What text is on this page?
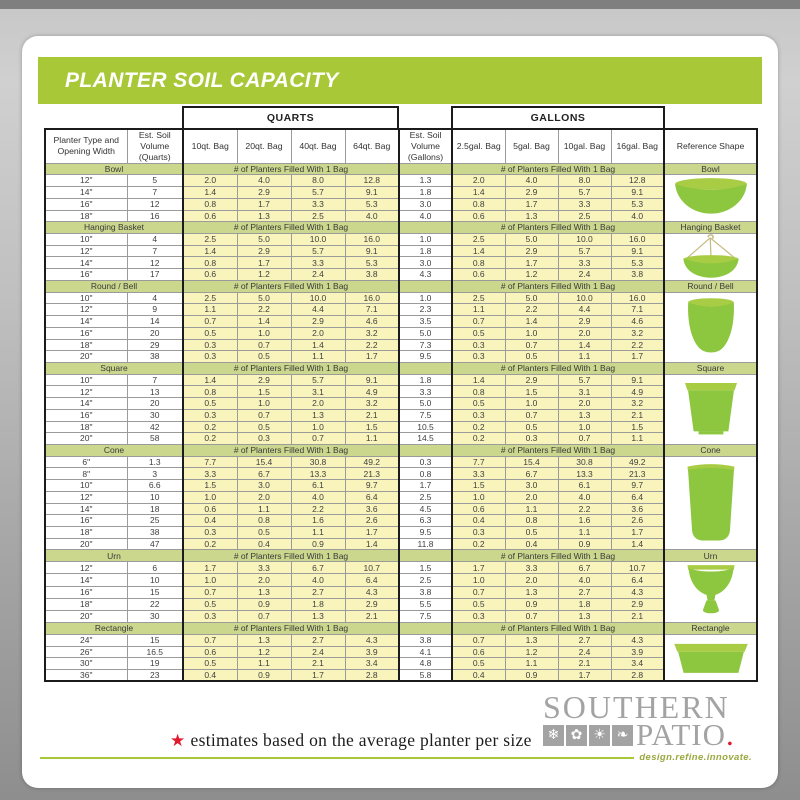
PLANTER SOIL CAPACITY
QUARTS	GALLONS
Planter Type and Opening Width	Est. Soil Volume (Quarts)	10qt. Bag	20qt. Bag	40qt. Bag	64qt. Bag	Est. Soil Volume (Gallons)	2.5gal. Bag	5gal. Bag	10gal. Bag	16gal. Bag	Reference Shape
Bowl		# of Planters Filled With 1 Bag					# of Planters Filled With 1 Bag				Bowl
12"	5	2.0	4.0	8.0	12.8	1.3	2.0	4.0	8.0	12.8	

14"	7	1.4	2.9	5.7	9.1	1.8	1.4	2.9	5.7	9.1	
16"	12	0.8	1.7	3.3	5.3	3.0	0.8	1.7	3.3	5.3	
18"	16	0.6	1.3	2.5	4.0	4.0	0.6	1.3	2.5	4.0	
Hanging Basket		# of Planters Filled With 1 Bag					# of Planters Filled With 1 Bag				Hanging Basket
10"	4	2.5	5.0	10.0	16.0	1.0	2.5	5.0	10.0	16.0	

12"	7	1.4	2.9	5.7	9.1	1.8	1.4	2.9	5.7	9.1	
14"	12	0.8	1.7	3.3	5.3	3.0	0.8	1.7	3.3	5.3	
16"	17	0.6	1.2	2.4	3.8	4.3	0.6	1.2	2.4	3.8	
Round / Bell		# of Planters Filled With 1 Bag					# of Planters Filled With 1 Bag				Round / Bell
10"	4	2.5	5.0	10.0	16.0	1.0	2.5	5.0	10.0	16.0	

12"	9	1.1	2.2	4.4	7.1	2.3	1.1	2.2	4.4	7.1	
14"	14	0.7	1.4	2.9	4.6	3.5	0.7	1.4	2.9	4.6	
16"	20	0.5	1.0	2.0	3.2	5.0	0.5	1.0	2.0	3.2	
18"	29	0.3	0.7	1.4	2.2	7.3	0.3	0.7	1.4	2.2	
20"	38	0.3	0.5	1.1	1.7	9.5	0.3	0.5	1.1	1.7	
Square		# of Planters Filled With 1 Bag					# of Planters Filled With 1 Bag				Square
10"	7	1.4	2.9	5.7	9.1	1.8	1.4	2.9	5.7	9.1	

12"	13	0.8	1.5	3.1	4.9	3.3	0.8	1.5	3.1	4.9	
14"	20	0.5	1.0	2.0	3.2	5.0	0.5	1.0	2.0	3.2	
16"	30	0.3	0.7	1.3	2.1	7.5	0.3	0.7	1.3	2.1	
18"	42	0.2	0.5	1.0	1.5	10.5	0.2	0.5	1.0	1.5	
20"	58	0.2	0.3	0.7	1.1	14.5	0.2	0.3	0.7	1.1	
Cone		# of Planters Filled With 1 Bag					# of Planters Filled With 1 Bag				Cone
6"	1.3	7.7	15.4	30.8	49.2	0.3	7.7	15.4	30.8	49.2	

8"	3	3.3	6.7	13.3	21.3	0.8	3.3	6.7	13.3	21.3	
10"	6.6	1.5	3.0	6.1	9.7	1.7	1.5	3.0	6.1	9.7	
12"	10	1.0	2.0	4.0	6.4	2.5	1.0	2.0	4.0	6.4	
14"	18	0.6	1.1	2.2	3.6	4.5	0.6	1.1	2.2	3.6	
16"	25	0.4	0.8	1.6	2.6	6.3	0.4	0.8	1.6	2.6	
18"	38	0.3	0.5	1.1	1.7	9.5	0.3	0.5	1.1	1.7	
20"	47	0.2	0.4	0.9	1.4	11.8	0.2	0.4	0.9	1.4	
Urn		# of Planters Filled With 1 Bag					# of Planters Filled With 1 Bag				Urn
12"	6	1.7	3.3	6.7	10.7	1.5	1.7	3.3	6.7	10.7	

14"	10	1.0	2.0	4.0	6.4	2.5	1.0	2.0	4.0	6.4	
16"	15	0.7	1.3	2.7	4.3	3.8	0.7	1.3	2.7	4.3	
18"	22	0.5	0.9	1.8	2.9	5.5	0.5	0.9	1.8	2.9	
20"	30	0.3	0.7	1.3	2.1	7.5	0.3	0.7	1.3	2.1	
Rectangle		# of Planters Filled With 1 Bag					# of Planters Filled With 1 Bag				Rectangle
24"	15	0.7	1.3	2.7	4.3	3.8	0.7	1.3	2.7	4.3	

26"	16.5	0.6	1.2	2.4	3.9	4.1	0.6	1.2	2.4	3.9	
30"	19	0.5	1.1	2.1	3.4	4.8	0.5	1.1	2.1	3.4	
36"	23	0.4	0.9	1.7	2.8	5.8	0.4	0.9	1.7	2.8	
★ estimates based on the average planter per size
SOUTHERN
❄ ✿ ☀ ❧ PATIO.
design.refine.innovate.
